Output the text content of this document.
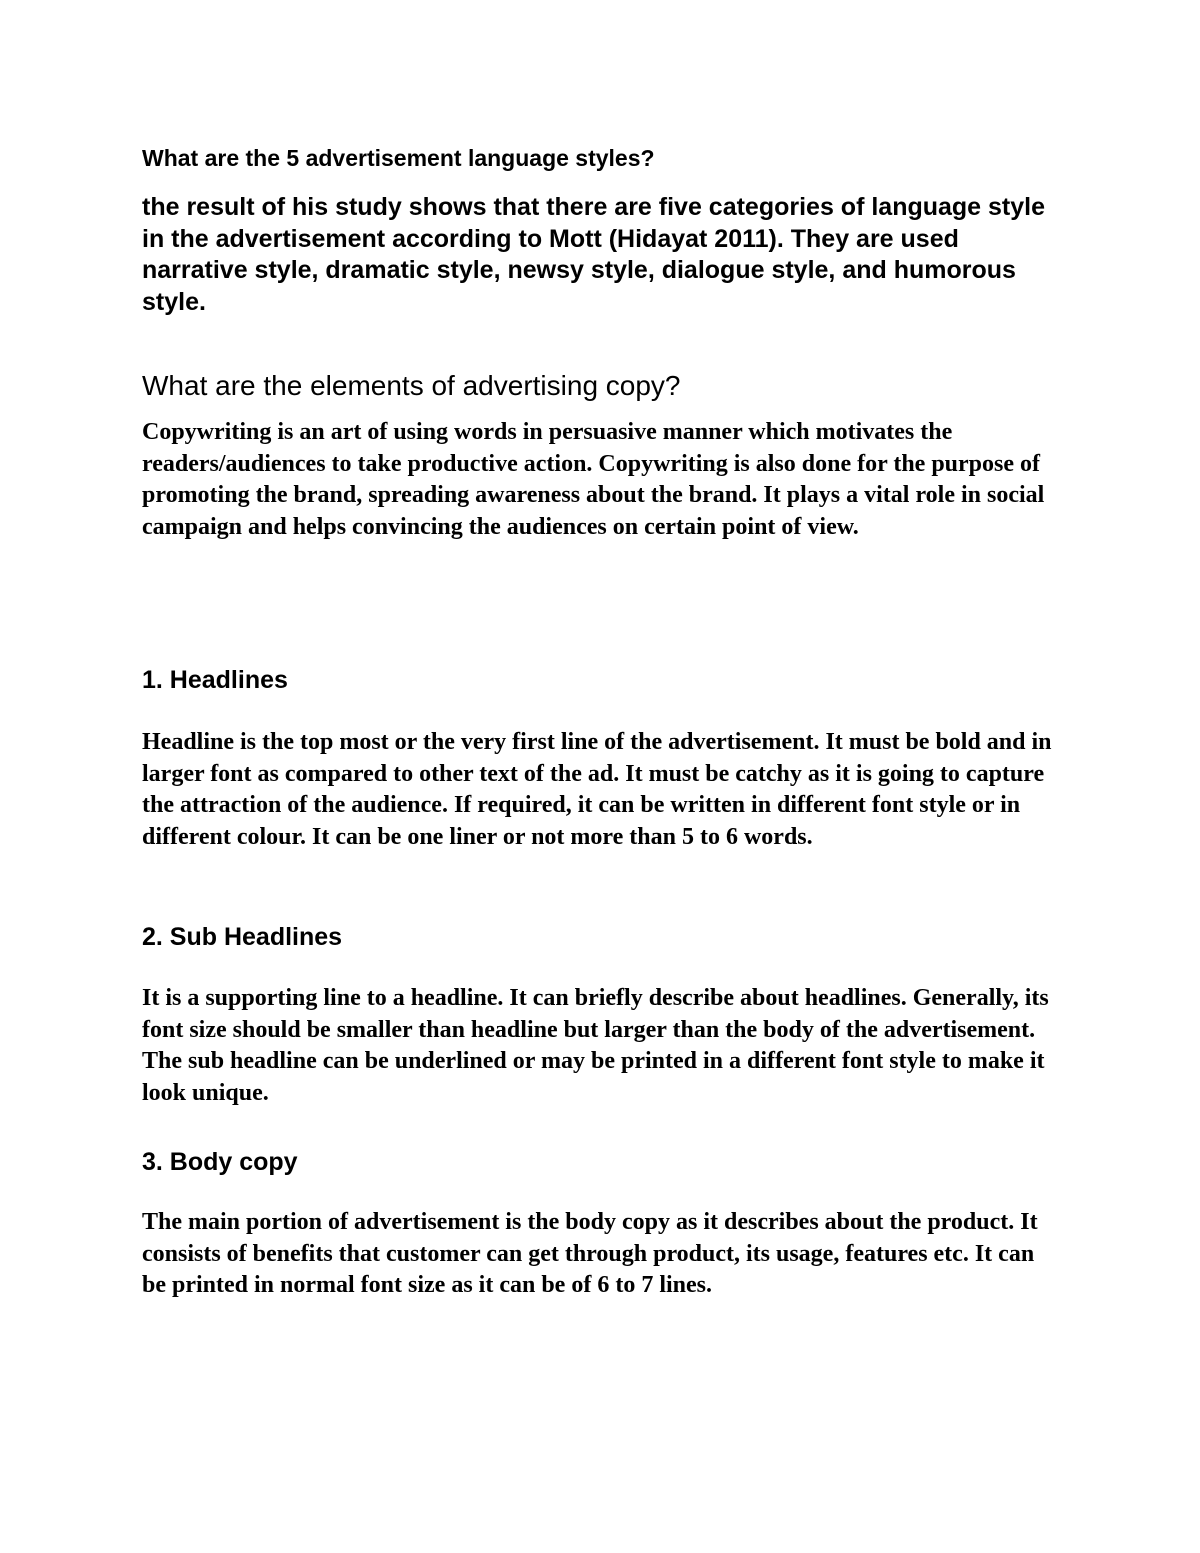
What are the 5 advertisement language styles?

the result of his study shows that there are five categories of language style in the advertisement according to Mott (Hidayat 2011). They are used narrative style, dramatic style, newsy style, dialogue style, and humorous style.

What are the elements of advertising copy?

Copywriting is an art of using words in persuasive manner which motivates the readers/audiences to take productive action. Copywriting is also done for the purpose of promoting the brand, spreading awareness about the brand. It plays a vital role in social campaign and helps convincing the audiences on certain point of view.

1. Headlines

Headline is the top most or the very first line of the advertisement. It must be bold and in larger font as compared to other text of the ad. It must be catchy as it is going to capture the attraction of the audience. If required, it can be written in different font style or in different colour. It can be one liner or not more than 5 to 6 words.

2. Sub Headlines

It is a supporting line to a headline. It can briefly describe about headlines. Generally, its font size should be smaller than headline but larger than the body of the advertisement. The sub headline can be underlined or may be printed in a different font style to make it look unique.

3. Body copy

The main portion of advertisement is the body copy as it describes about the product. It consists of benefits that customer can get through product, its usage, features etc. It can be printed in normal font size as it can be of 6 to 7 lines.
